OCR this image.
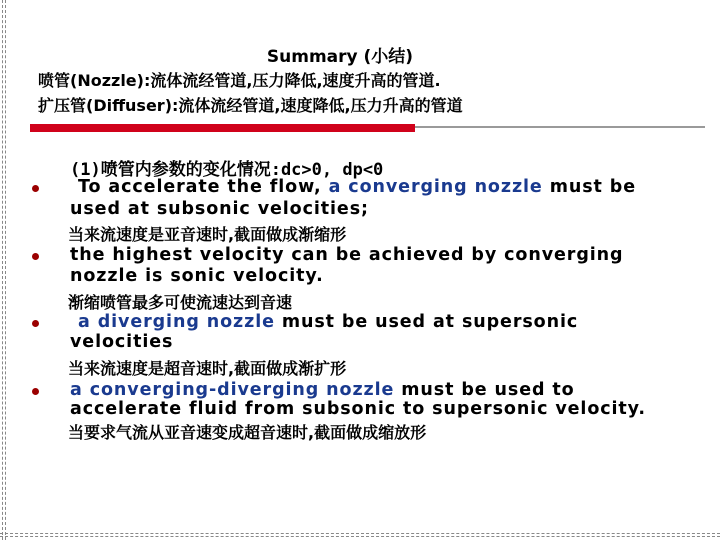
Summary (小结)
喷管(Nozzle):流体流经管道,压力降低,速度升高的管道.
扩压管(Diffuser):流体流经管道,速度降低,压力升高的管道
(1)喷管内参数的变化情况:dc>0, dp<0
To accelerate the flow, a converging nozzle must be
used at subsonic velocities;
当来流速度是亚音速时,截面做成渐缩形
the highest velocity can be achieved by converging
nozzle is sonic velocity.
渐缩喷管最多可使流速达到音速
a diverging nozzle must be used at supersonic
velocities
当来流速度是超音速时,截面做成渐扩形
a converging-diverging nozzle must be used to
accelerate fluid from subsonic to supersonic velocity.
当要求气流从亚音速变成超音速时,截面做成缩放形
